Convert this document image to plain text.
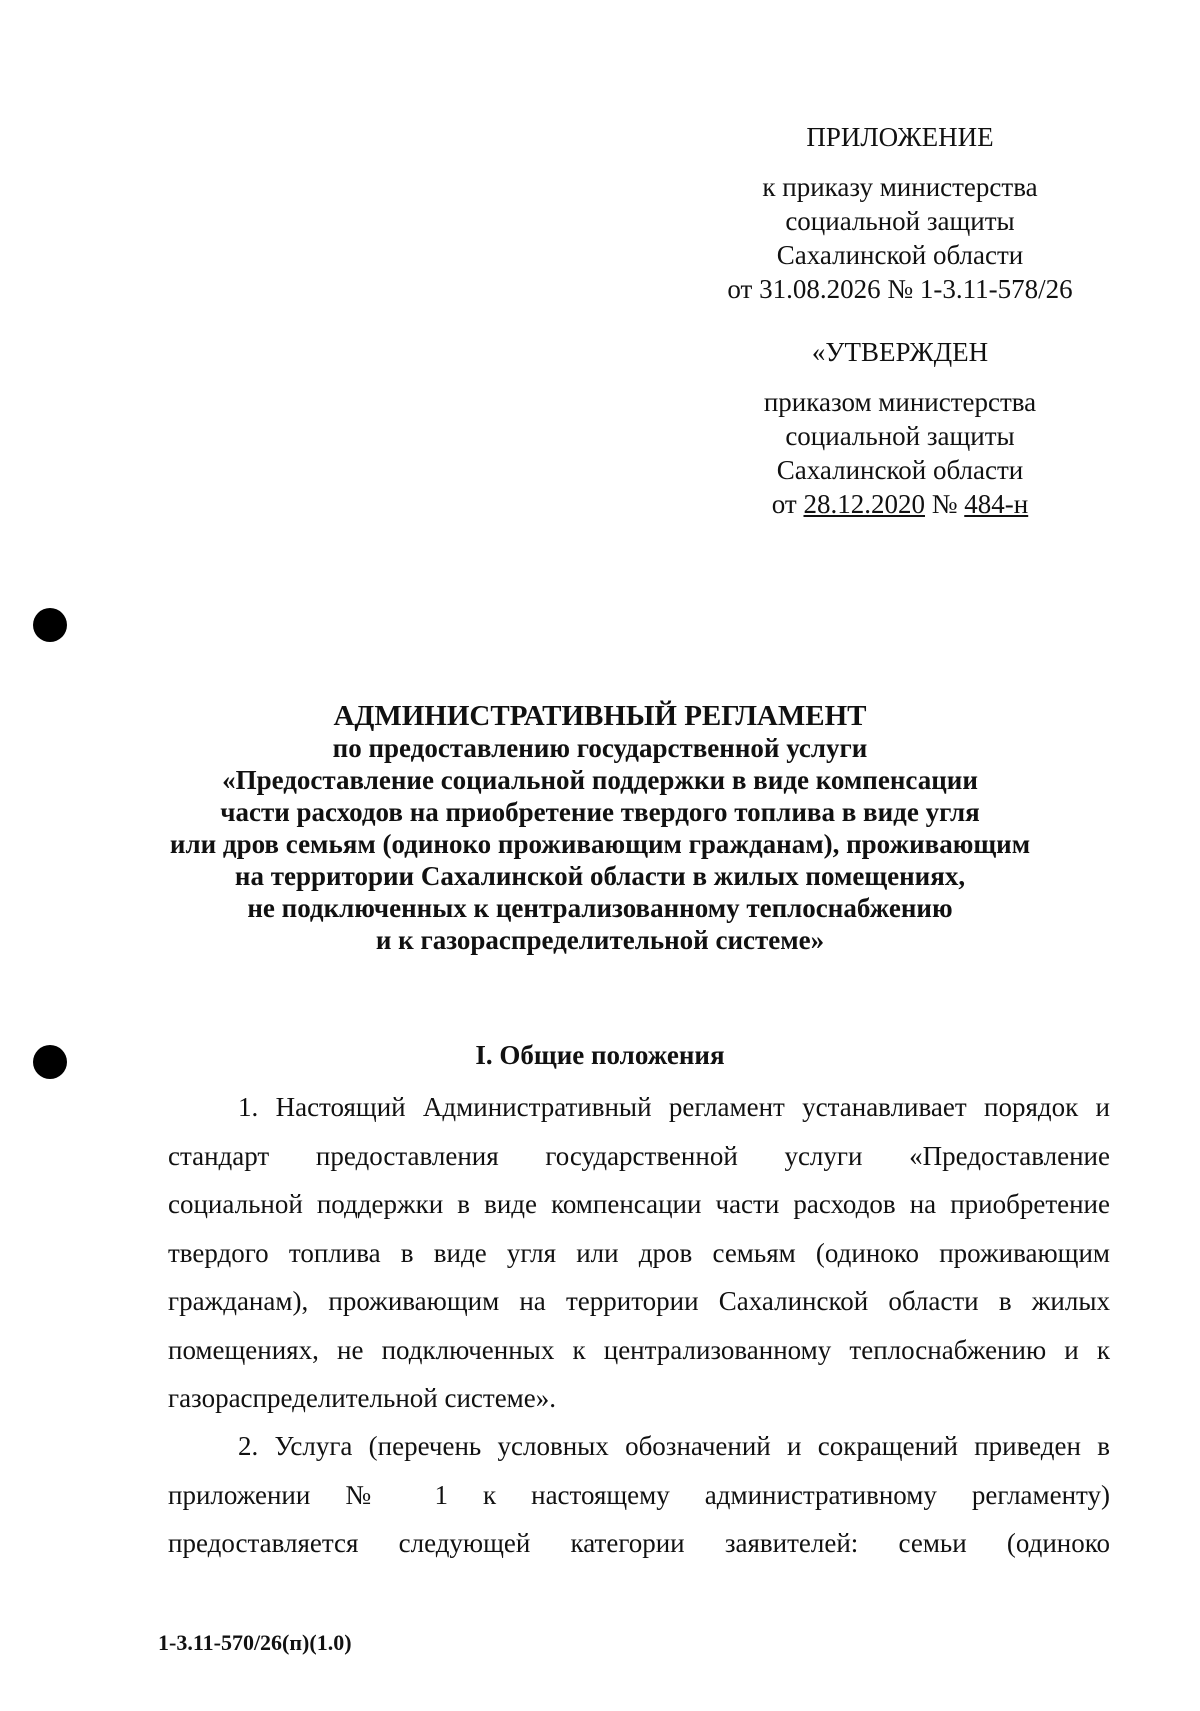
ПРИЛОЖЕНИЕ
к приказу министерства
социальной защиты
Сахалинской области
от 31.08.2026 № 1-3.11-578/26
«УТВЕРЖДЕН
приказом министерства
социальной защиты
Сахалинской области
от 28.12.2020 № 484-н
АДМИНИСТРАТИВНЫЙ РЕГЛАМЕНТ
по предоставлению государственной услуги
«Предоставление социальной поддержки в виде компенсации
части расходов на приобретение твердого топлива в виде угля
или дров семьям (одиноко проживающим гражданам), проживающим
на территории Сахалинской области в жилых помещениях,
не подключенных к централизованному теплоснабжению
и к газораспределительной системе»
I. Общие положения
1. Настоящий Административный регламент устанавливает порядок и
стандарт предоставления государственной услуги «Предоставление
социальной поддержки в виде компенсации части расходов на приобретение
твердого топлива в виде угля или дров семьям (одиноко проживающим
гражданам), проживающим на территории Сахалинской области в жилых
помещениях, не подключенных к централизованному теплоснабжению и к
газораспределительной системе».
2. Услуга (перечень условных обозначений и сокращений приведен в
приложении № 1 к настоящему административному регламенту)
предоставляется следующей категории заявителей: семьи (одиноко
1-3.11-570/26(п)(1.0)
